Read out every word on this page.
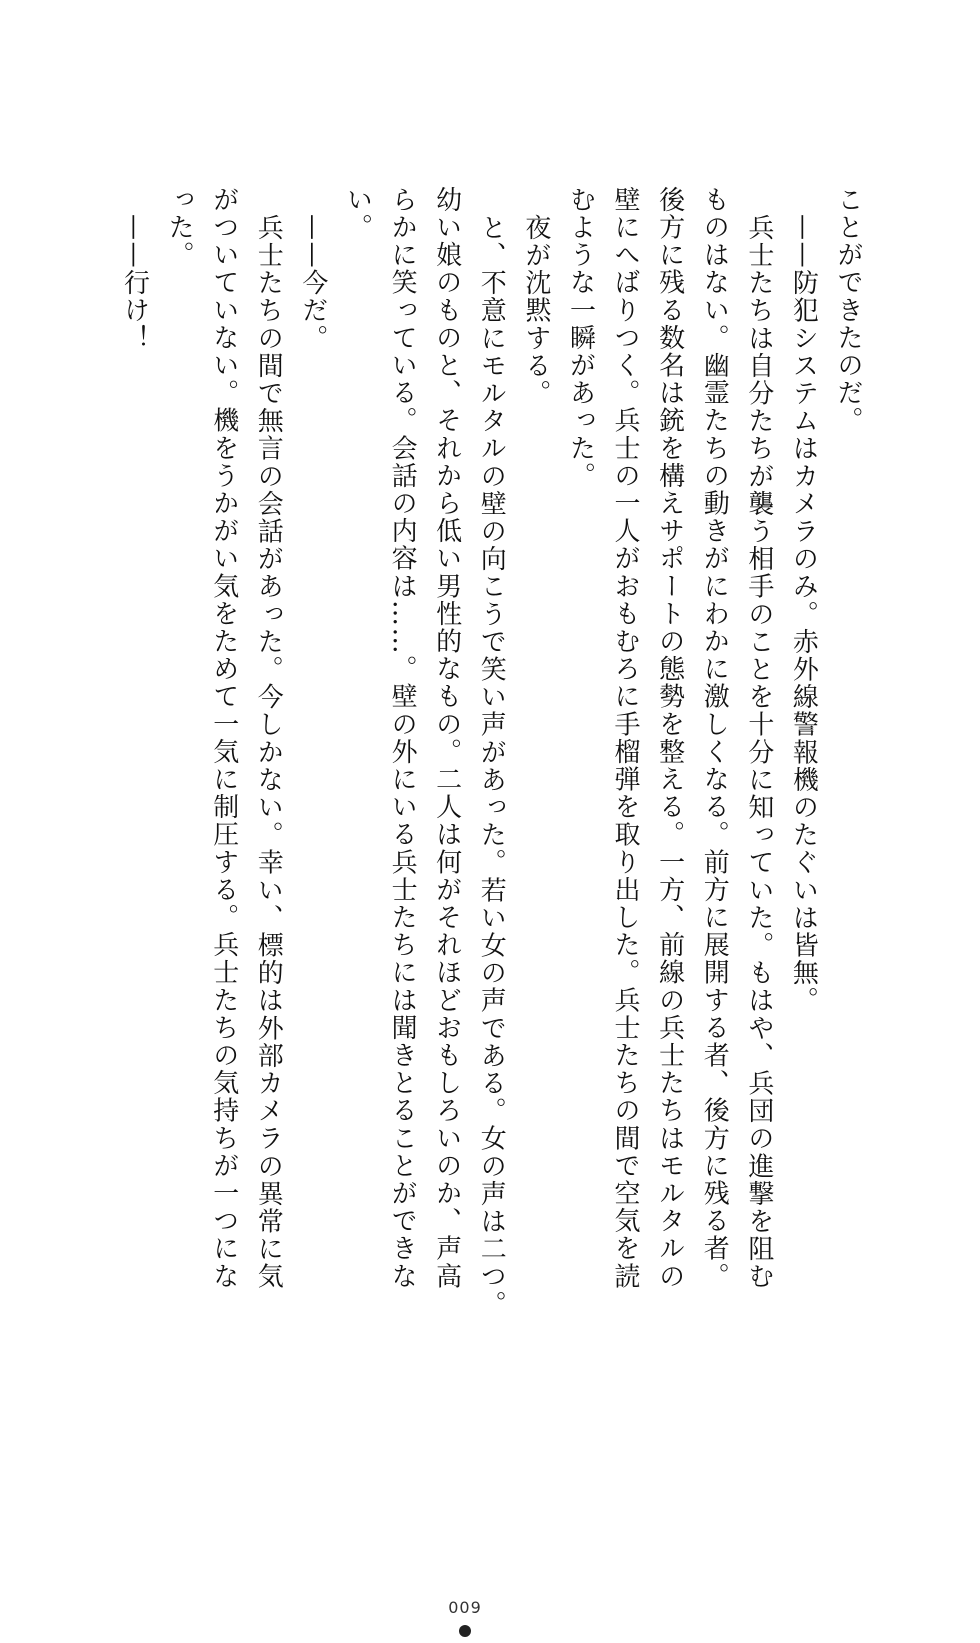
ことができたのだ。
——防犯システムはカメラのみ。赤外線警報機のたぐいは皆無。
兵士たちは自分たちが襲う相手のことを十分に知っていた。もはや、兵団の進撃を阻む
ものはない。幽霊たちの動きがにわかに激しくなる。前方に展開する者、後方に残る者。
後方に残る数名は銃を構えサポートの態勢を整える。一方、前線の兵士たちはモルタルの
壁にへばりつく。兵士の一人がおもむろに手榴弾を取り出した。兵士たちの間で空気を読
むような一瞬があった。
夜が沈黙する。
と、不意にモルタルの壁の向こうで笑い声があった。若い女の声である。女の声は二つ。
幼い娘のものと、それから低い男性的なもの。二人は何がそれほどおもしろいのか、声高
らかに笑っている。会話の内容は……。壁の外にいる兵士たちには聞きとることができな
い。
——今だ。
兵士たちの間で無言の会話があった。今しかない。幸い、標的は外部カメラの異常に気
がついていない。機をうかがい気をためて一気に制圧する。兵士たちの気持ちが一つにな
った。
——行け！
009
